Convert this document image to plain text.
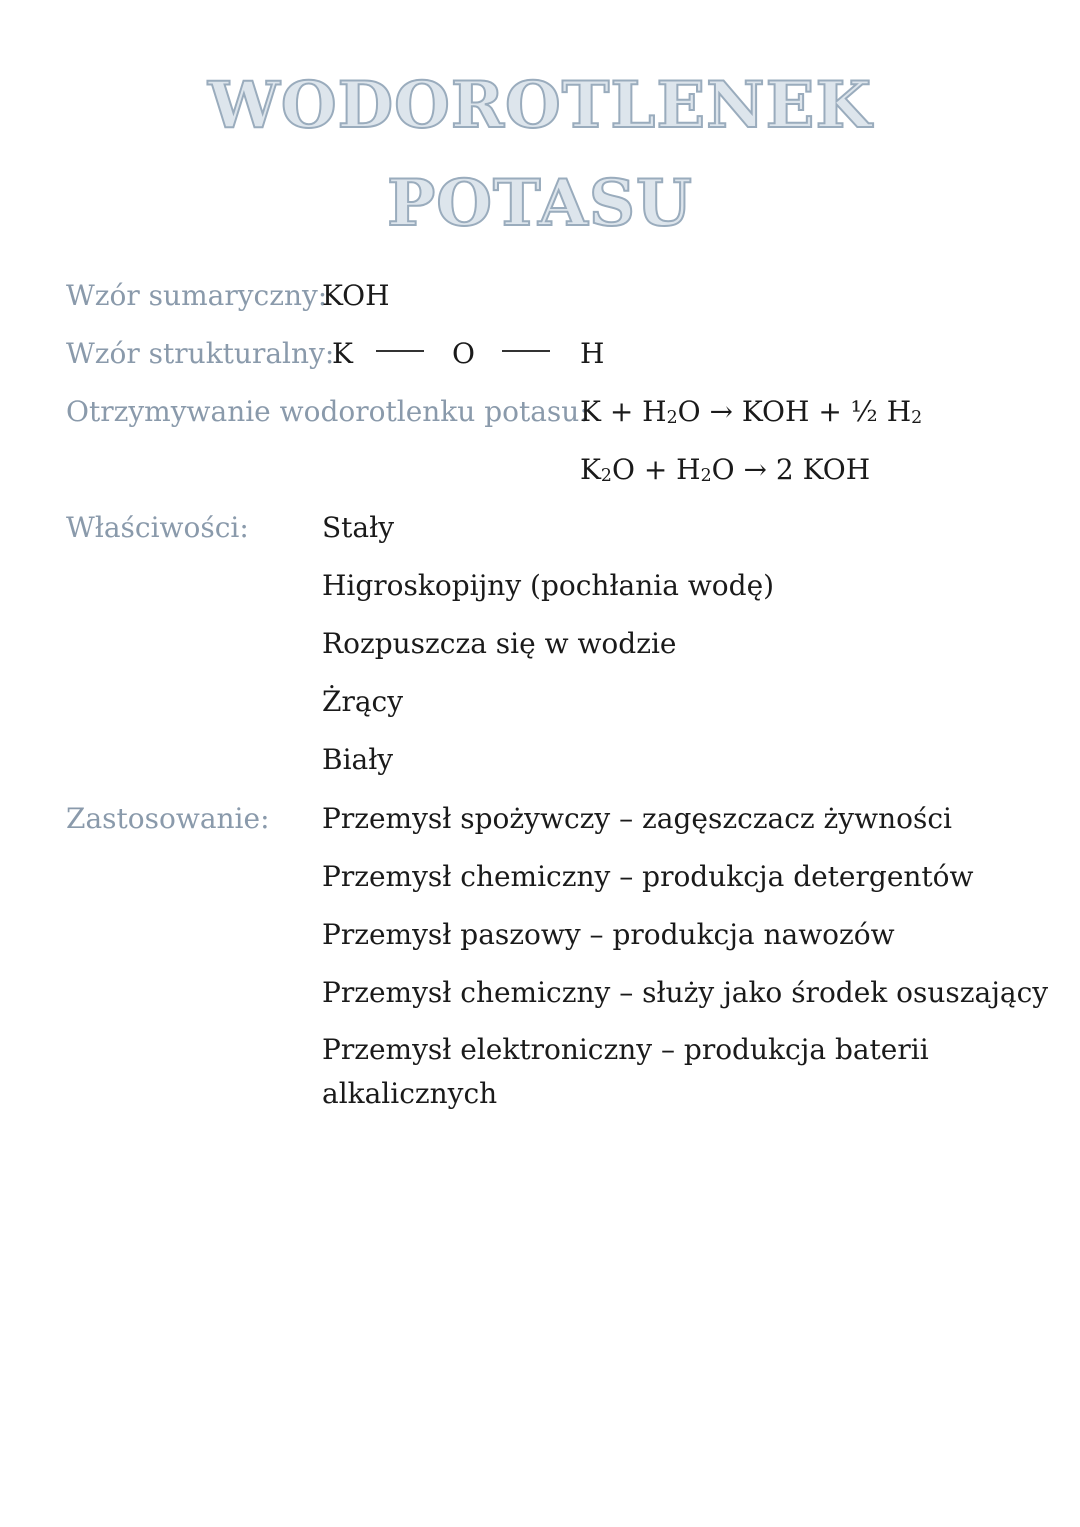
WODOROTLENEK
POTASU
Wzór sumaryczny:
KOH
Wzór strukturalny:
K	O	H
Otrzymywanie wodorotlenku potasu:
$K + H_2O$ → KOH + ½ $H_2$
$K_2O + H_2O \to 2$ KOH
Właściwości:	Stały
Higroskopijny (pochłania wodę)
Rozpuszcza się w wodzie
Żrący
Biały
Zastosowanie: Przemysł spożywczy – zagęszczacz żywności
Przemysł chemiczny – produkcja detergentów
Przemysł paszowy – produkcja nawozów
Przemysł chemiczny – służy jako środek osuszający
Przemysł elektroniczny – produkcja baterii alkalicznych
